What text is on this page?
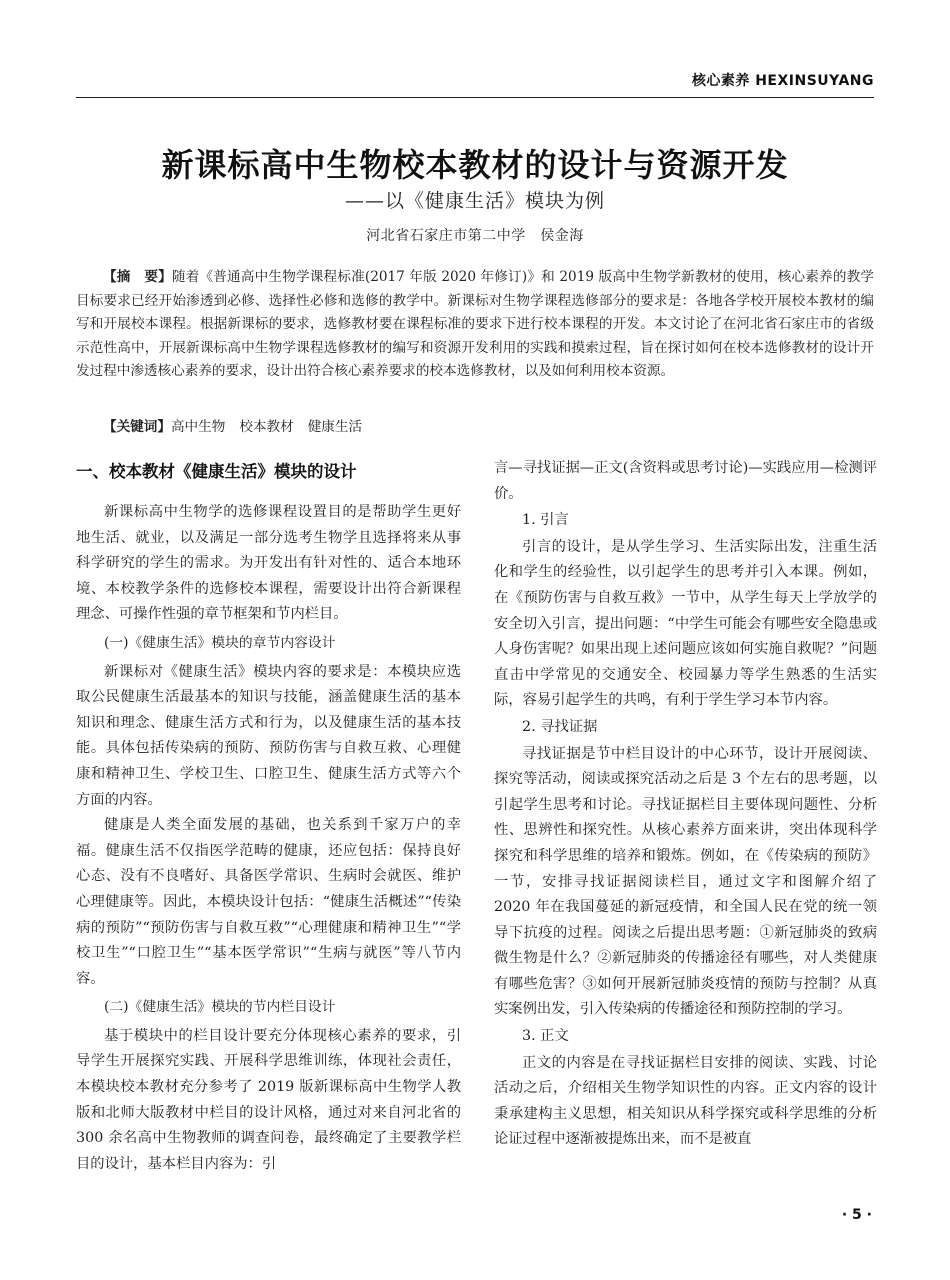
核心素养 HEXINSUYANG
新课标高中生物校本教材的设计与资源开发
——以《健康生活》模块为例
河北省石家庄市第二中学　侯金海
【摘　要】随着《普通高中生物学课程标准(2017 年版 2020 年修订)》和 2019 版高中生物学新教材的使用，核心素养的教学目标要求已经开始渗透到必修、选择性必修和选修的教学中。新课标对生物学课程选修部分的要求是：各地各学校开展校本教材的编写和开展校本课程。根据新课标的要求，选修教材要在课程标准的要求下进行校本课程的开发。本文讨论了在河北省石家庄市的省级示范性高中，开展新课标高中生物学课程选修教材的编写和资源开发利用的实践和摸索过程，旨在探讨如何在校本选修教材的设计开发过程中渗透核心素养的要求，设计出符合核心素养要求的校本选修教材，以及如何利用校本资源。
【关键词】高中生物 校本教材 健康生活
一、校本教材《健康生活》模块的设计

新课标高中生物学的选修课程设置目的是帮助学生更好地生活、就业，以及满足一部分选考生物学且选择将来从事科学研究的学生的需求。为开发出有针对性的、适合本地环境、本校教学条件的选修校本课程，需要设计出符合新课程理念、可操作性强的章节框架和节内栏目。

(一)《健康生活》模块的章节内容设计

新课标对《健康生活》模块内容的要求是：本模块应选取公民健康生活最基本的知识与技能，涵盖健康生活的基本知识和理念、健康生活方式和行为，以及健康生活的基本技能。具体包括传染病的预防、预防伤害与自救互救、心理健康和精神卫生、学校卫生、口腔卫生、健康生活方式等六个方面的内容。

健康是人类全面发展的基础，也关系到千家万户的幸福。健康生活不仅指医学范畴的健康，还应包括：保持良好心态、没有不良嗜好、具备医学常识、生病时会就医、维护心理健康等。因此，本模块设计包括：“健康生活概述”“传染病的预防”“预防伤害与自救互救”“心理健康和精神卫生”“学校卫生”“口腔卫生”“基本医学常识”“生病与就医”等八节内容。

(二)《健康生活》模块的节内栏目设计

基于模块中的栏目设计要充分体现核心素养的要求，引导学生开展探究实践、开展科学思维训练，体现社会责任，本模块校本教材充分参考了 2019 版新课标高中生物学人教版和北师大版教材中栏目的设计风格，通过对来自河北省的 300 余名高中生物教师的调查问卷，最终确定了主要教学栏目的设计，基本栏目内容为：引

言—寻找证据—正文(含资料或思考讨论)—实践应用—检测评价。

1. 引言

引言的设计，是从学生学习、生活实际出发，注重生活化和学生的经验性，以引起学生的思考并引入本课。例如，在《预防伤害与自救互救》一节中，从学生每天上学放学的安全切入引言，提出问题：“中学生可能会有哪些安全隐患或人身伤害呢？如果出现上述问题应该如何实施自救呢？”问题直击中学常见的交通安全、校园暴力等学生熟悉的生活实际，容易引起学生的共鸣，有利于学生学习本节内容。

2. 寻找证据

寻找证据是节中栏目设计的中心环节，设计开展阅读、探究等活动，阅读或探究活动之后是 3 个左右的思考题，以引起学生思考和讨论。寻找证据栏目主要体现问题性、分析性、思辨性和探究性。从核心素养方面来讲，突出体现科学探究和科学思维的培养和锻炼。例如，在《传染病的预防》一节，安排寻找证据阅读栏目，通过文字和图解介绍了 2020 年在我国蔓延的新冠疫情，和全国人民在党的统一领导下抗疫的过程。阅读之后提出思考题：①新冠肺炎的致病微生物是什么？②新冠肺炎的传播途径有哪些，对人类健康有哪些危害？③如何开展新冠肺炎疫情的预防与控制？从真实案例出发，引入传染病的传播途径和预防控制的学习。

3. 正文

正文的内容是在寻找证据栏目安排的阅读、实践、讨论活动之后，介绍相关生物学知识性的内容。正文内容的设计秉承建构主义思想，相关知识从科学探究或科学思维的分析论证过程中逐渐被提炼出来，而不是被直

· 5 ·
